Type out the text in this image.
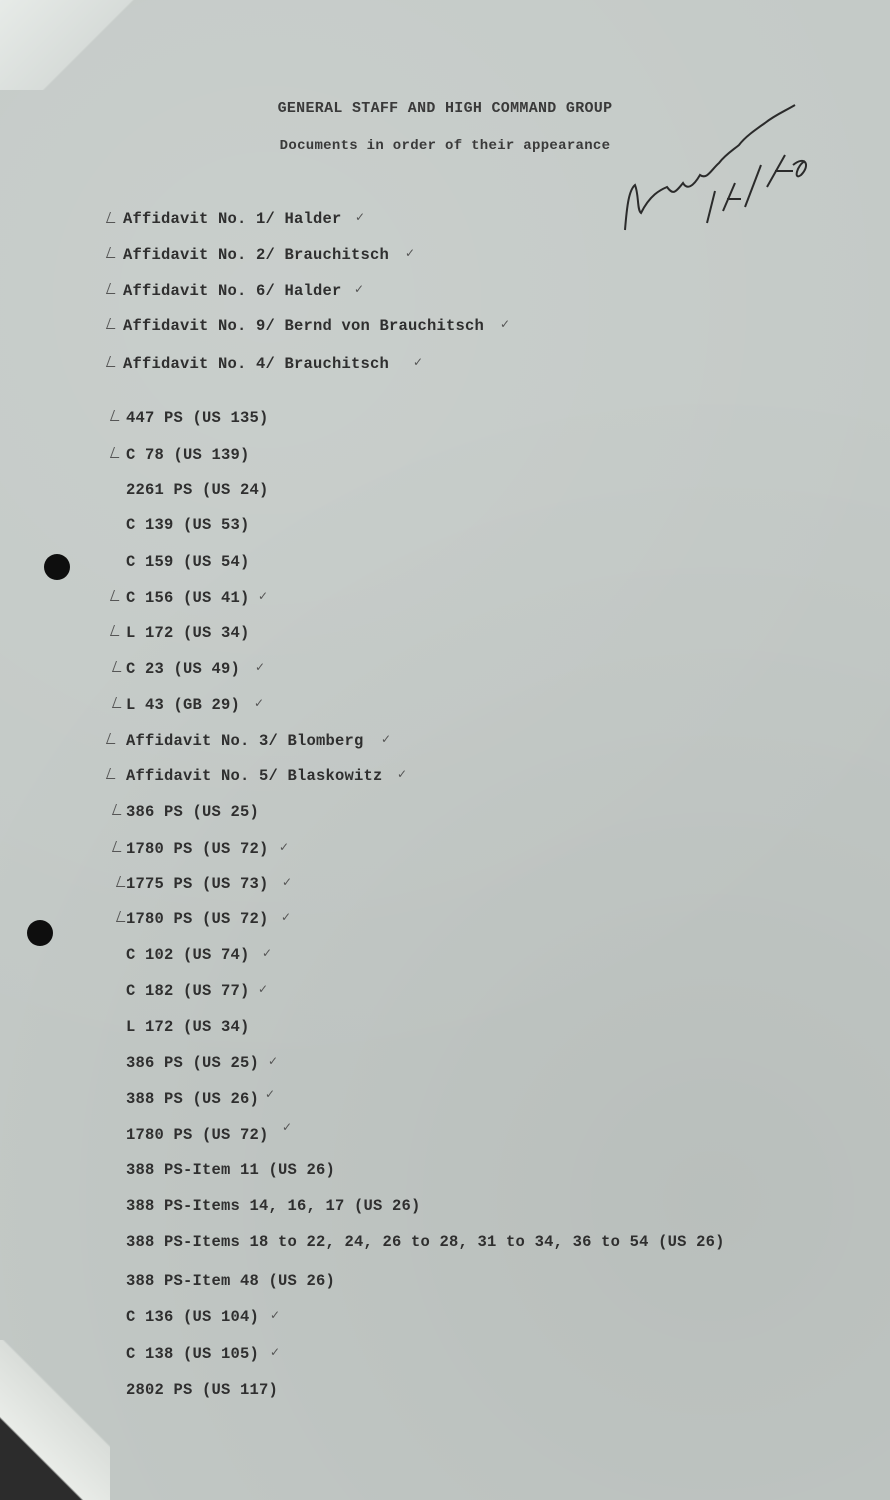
GENERAL STAFF AND HIGH COMMAND GROUP
Documents in order of their appearance
Affidavit No. 1/ Halder
Affidavit No. 2/ Brauchitsch
Affidavit No. 6/ Halder
Affidavit No. 9/ Bernd von Brauchitsch
Affidavit No. 4/ Brauchitsch
447 PS (US 135)
C 78 (US 139)
2261 PS (US 24)
C 139 (US 53)
C 159 (US 54)
C 156 (US 41)
L 172 (US 34)
C 23 (US 49)
L 43 (GB 29)
Affidavit No. 3/ Blomberg
Affidavit No. 5/ Blaskowitz
386 PS (US 25)
1780 PS (US 72)
1775 PS (US 73)
1780 PS (US 72)
C 102 (US 74)
C 182 (US 77)
L 172 (US 34)
386 PS (US 25)
388 PS (US 26)
1780 PS (US 72)
388 PS-Item 11 (US 26)
388 PS-Items 14, 16, 17 (US 26)
388 PS-Items 18 to 22, 24, 26 to 28, 31 to 34, 36 to 54 (US 26)
388 PS-Item 48 (US 26)
C 136 (US 104)
C 138 (US 105)
2802 PS (US 117)
✓
✓
✓
✓
✓
✓
✓
✓
✓
✓
✓
✓
✓
✓
✓
✓
✓
✓
✓
✓
